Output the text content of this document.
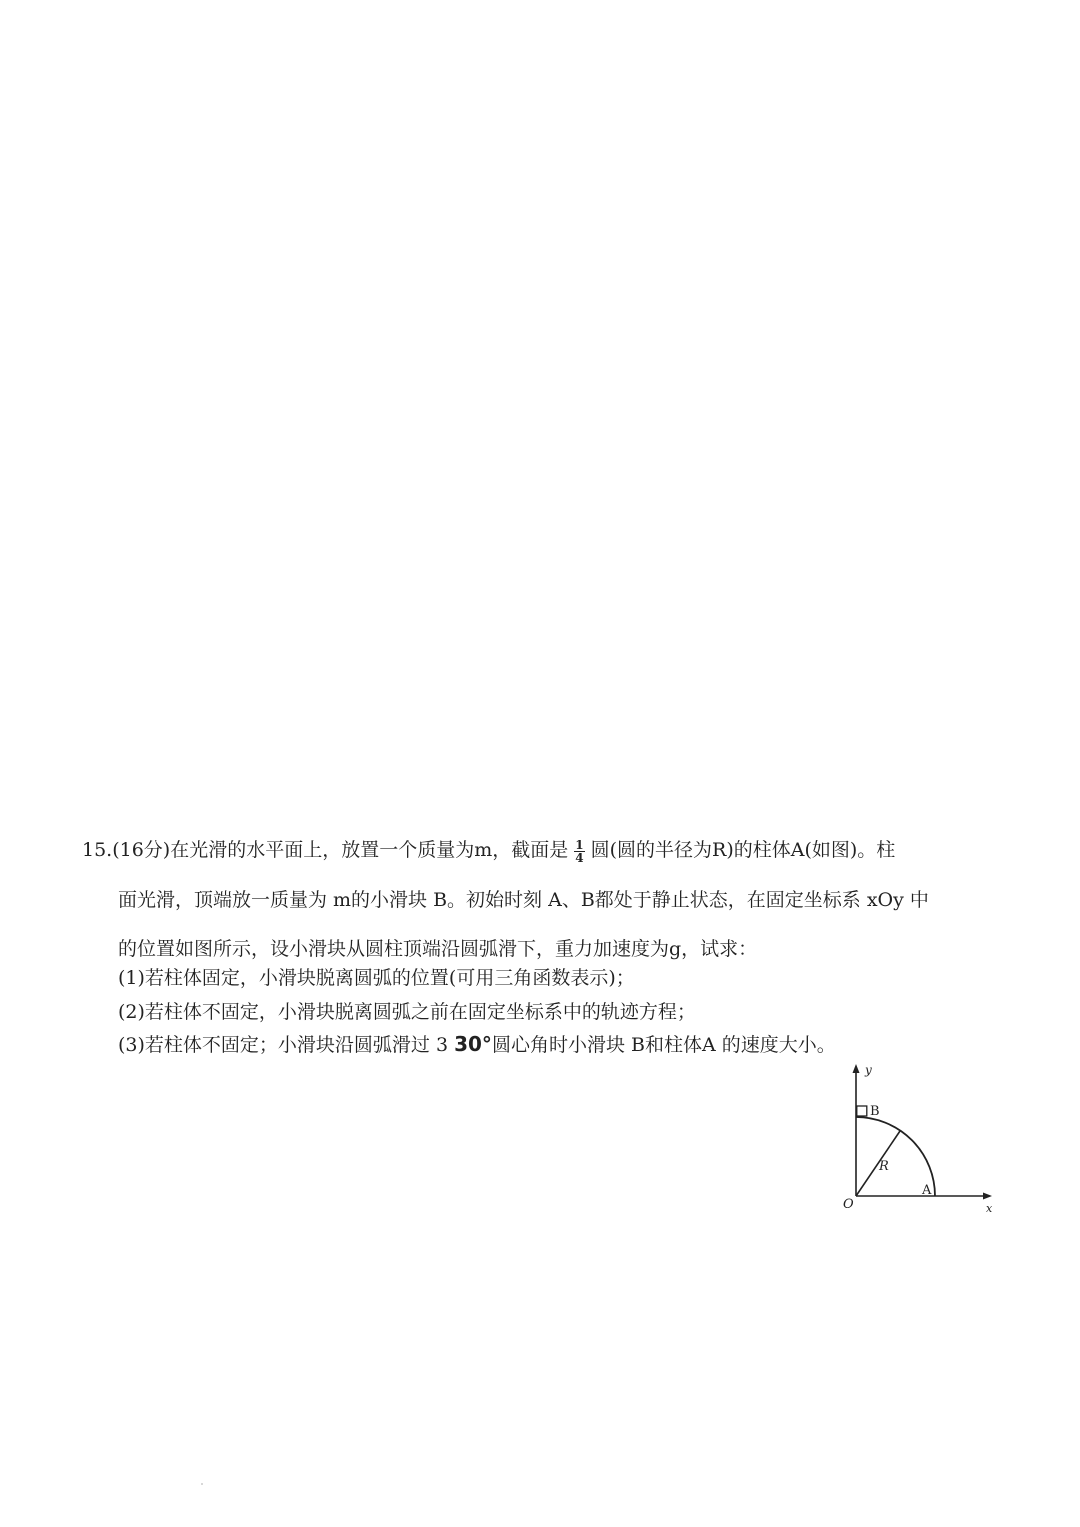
15.(16分)在光滑的水平面上，放置一个质量为m，截面是 $\frac{1}{4}$ 圆(圆的半径为R)的柱体A(如图)。柱
面光滑，顶端放一质量为 m的小滑块 B。初始时刻 A、B都处于静止状态，在固定坐标系 xOy 中
的位置如图所示，设小滑块从圆柱顶端沿圆弧滑下，重力加速度为g，试求：
(1)若柱体固定，小滑块脱离圆弧的位置(可用三角函数表示)；
(2)若柱体不固定，小滑块脱离圆弧之前在固定坐标系中的轨迹方程；
(3)若柱体不固定；小滑块沿圆弧滑过 3 30°圆心角时小滑块 B和柱体A 的速度大小。
y
x
O
B
R
A
